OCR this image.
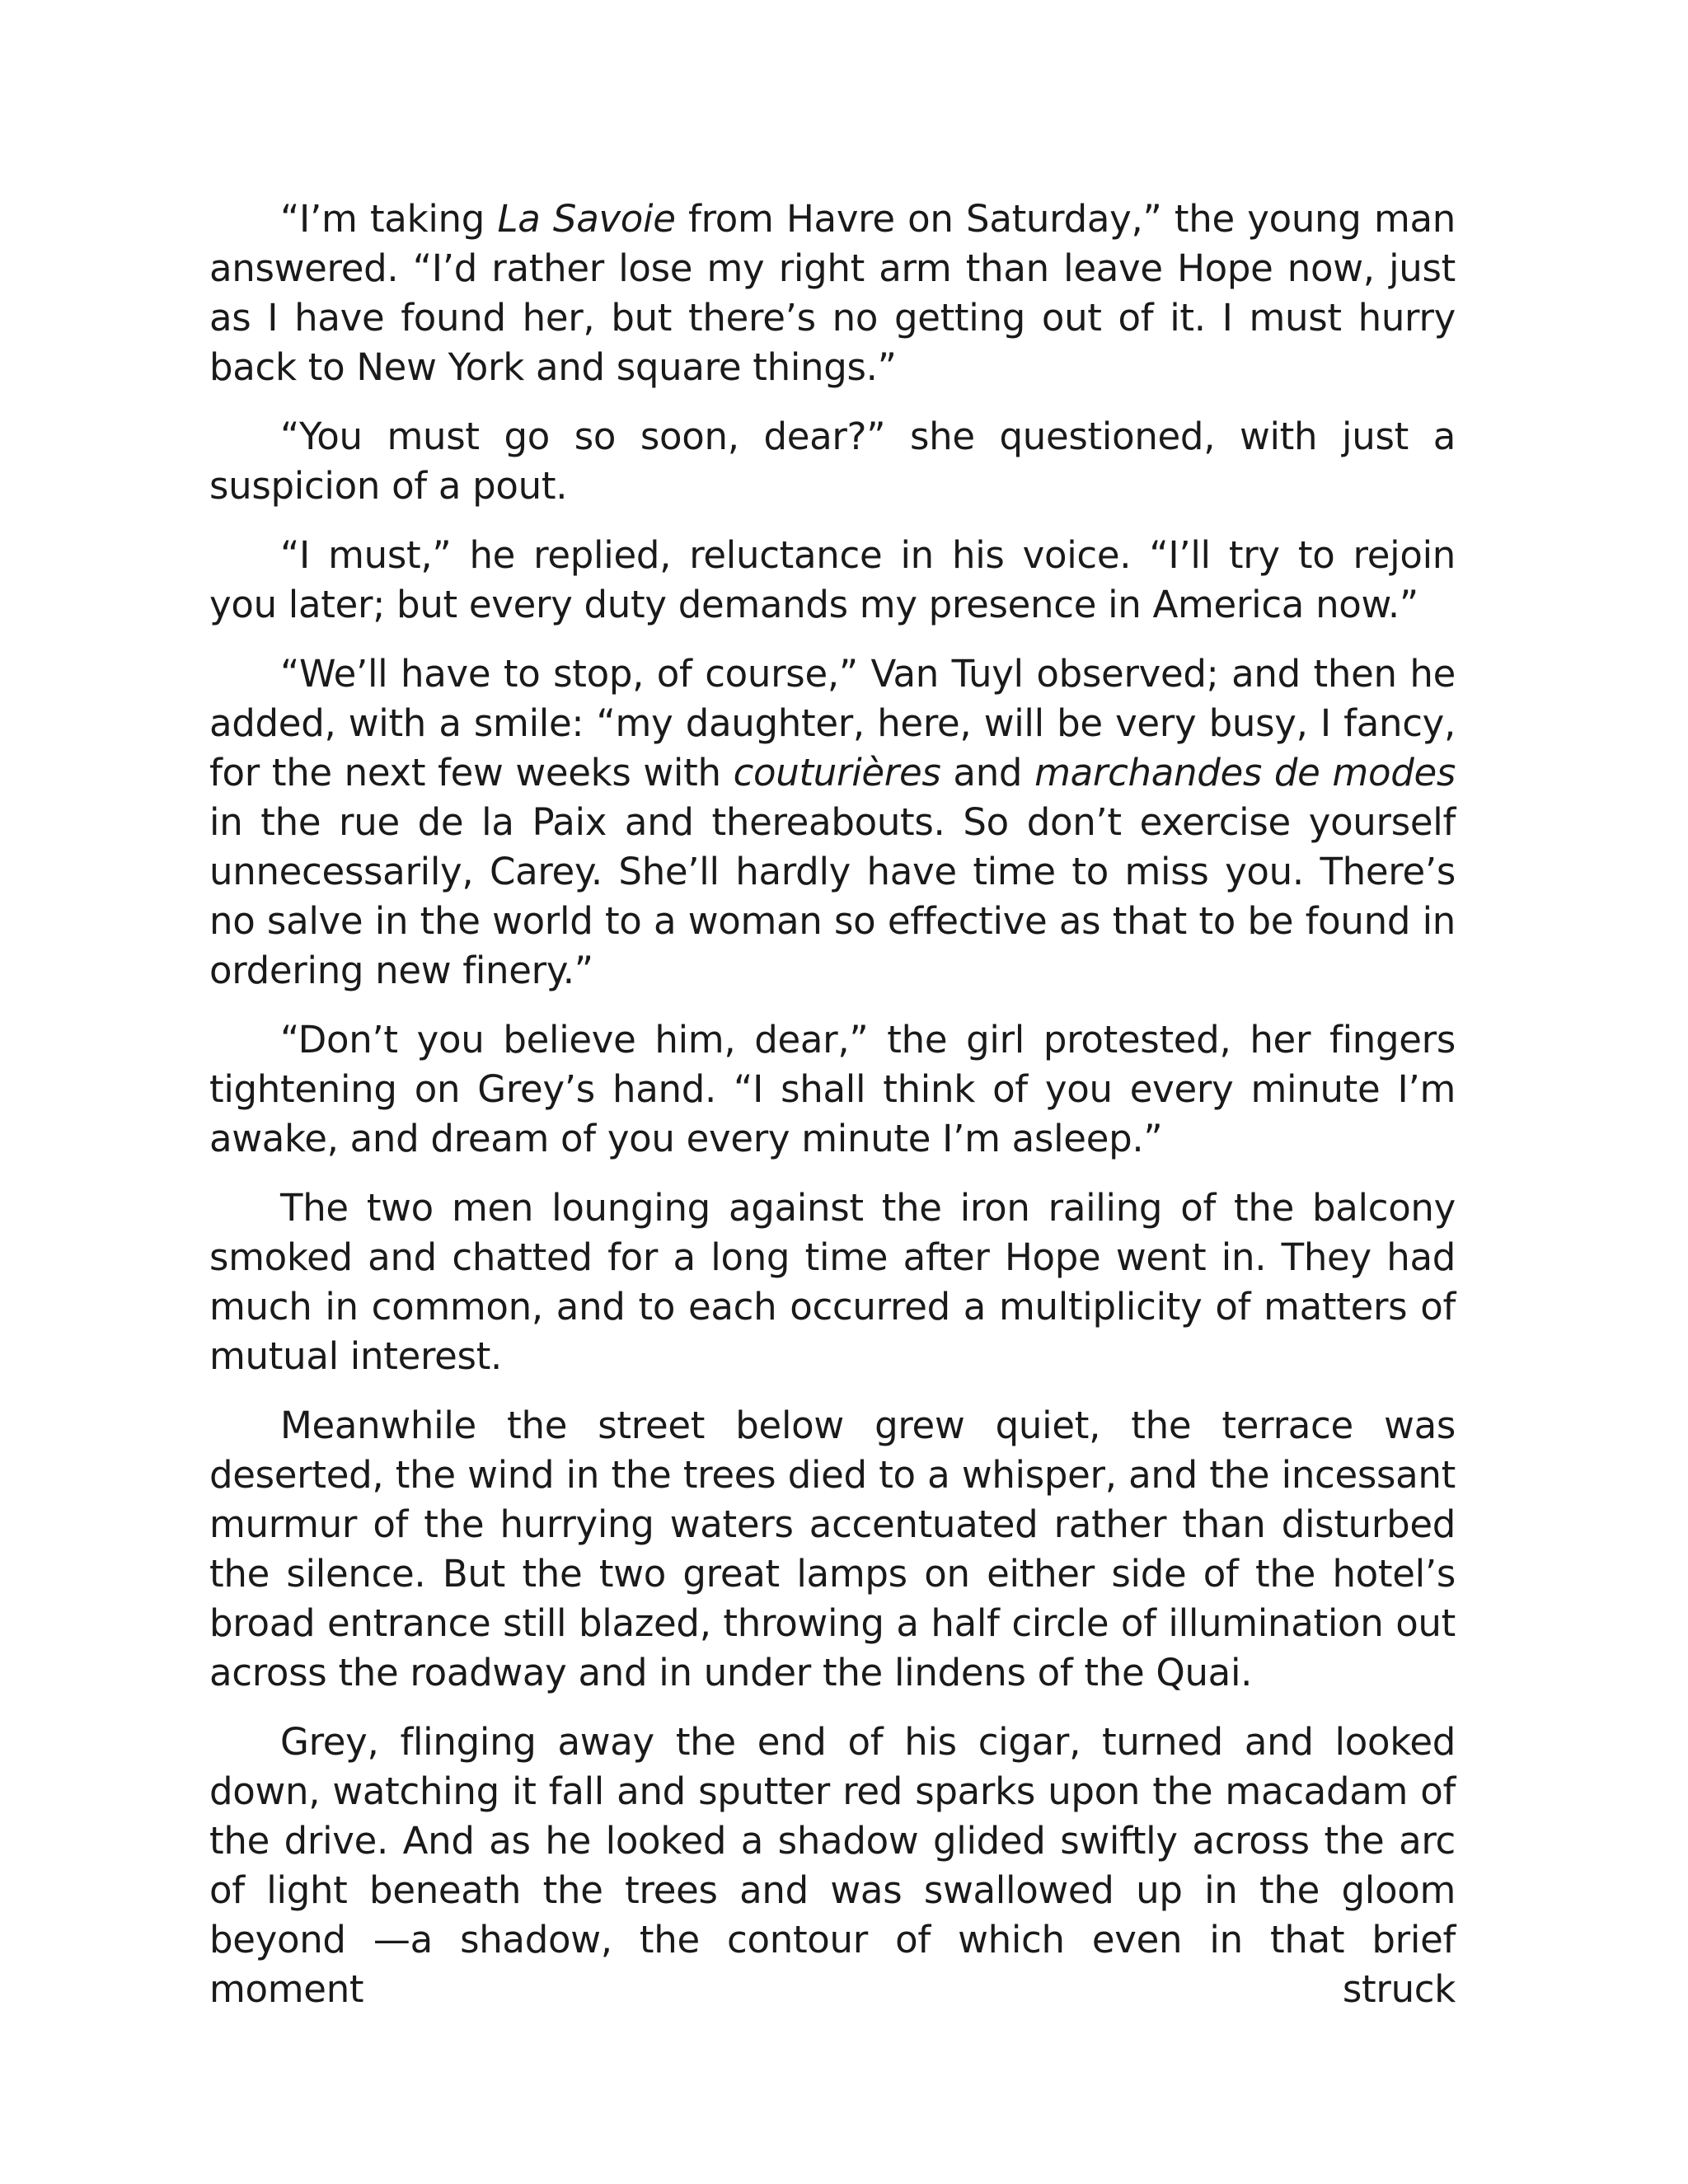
“I’m taking La Savoie from Havre on Saturday,” the young man answered. “I’d rather lose my right arm than leave Hope now, just as I have found her, but there’s no getting out of it. I must hurry back to New York and square things.”

“You must go so soon, dear?” she questioned, with just a suspicion of a pout.

“I must,” he replied, reluctance in his voice. “I’ll try to rejoin you later; but every duty demands my presence in America now.”

“We’ll have to stop, of course,” Van Tuyl observed; and then he added, with a smile: “my daughter, here, will be very busy, I fancy, for the next few weeks with couturières and marchandes de modes in the rue de la Paix and thereabouts. So don’t exercise yourself unnecessarily, Carey. She’ll hardly have time to miss you. There’s no salve in the world to a woman so effective as that to be found in ordering new finery.”

“Don’t you believe him, dear,” the girl protested, her fingers tightening on Grey’s hand. “I shall think of you every minute I’m awake, and dream of you every minute I’m asleep.”

The two men lounging against the iron railing of the balcony smoked and chatted for a long time after Hope went in. They had much in common, and to each occurred a multiplicity of matters of mutual interest.

Meanwhile the street below grew quiet, the terrace was deserted, the wind in the trees died to a whisper, and the incessant murmur of the hurrying waters accentuated rather than disturbed the silence. But the two great lamps on either side of the hotel’s broad entrance still blazed, throwing a half circle of illumination out across the roadway and in under the lindens of the Quai.

Grey, flinging away the end of his cigar, turned and looked down, watching it fall and sputter red sparks upon the macadam of the drive. And as he looked a shadow glided swiftly across the arc of light beneath the trees and was swallowed up in the gloom beyond —a shadow, the contour of which even in that brief moment struck
